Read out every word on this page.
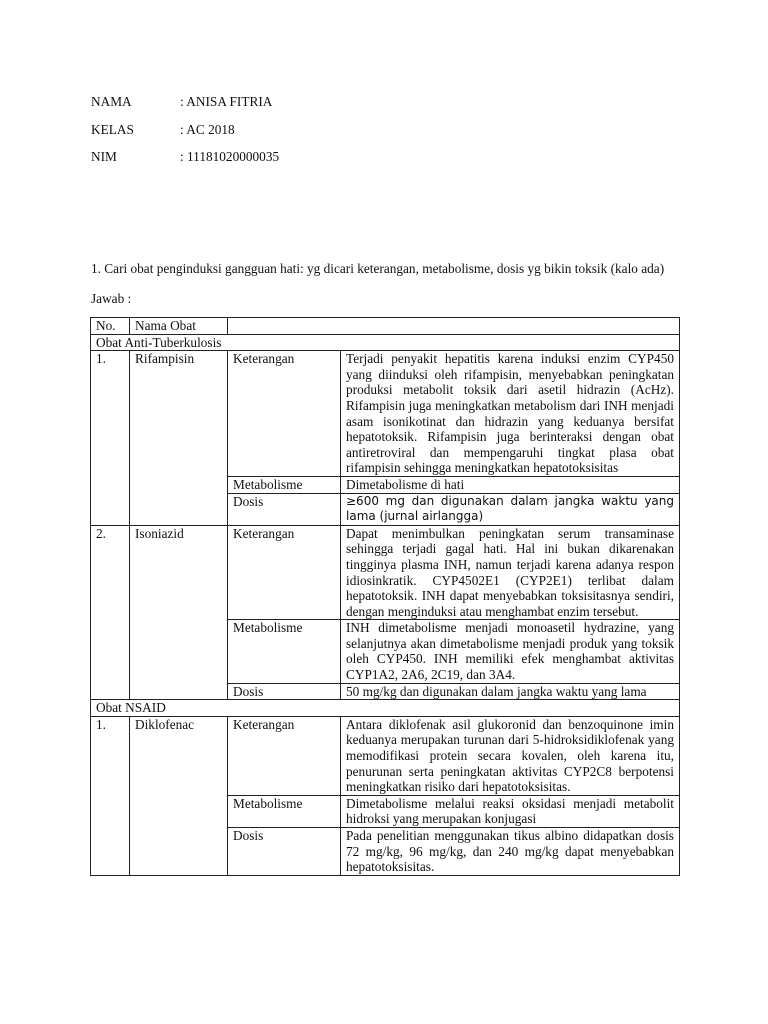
NAMA	: ANISA FITRIA
KELAS	: AC 2018
NIM	: 11181020000035
1. Cari obat penginduksi gangguan hati: yg dicari keterangan, metabolisme, dosis yg bikin toksik (kalo ada)
Jawab :
No.	Nama Obat		
Obat Anti-Tuberkulosis			
1.	Rifampisin	Keterangan	Terjadi penyakit hepatitis karena induksi enzim CYP450 yang diinduksi oleh rifampisin, menyebabkan peningkatan produksi metabolit toksik dari asetil hidrazin (AcHz). Rifampisin juga meningkatkan metabolism dari INH menjadi asam isonikotinat dan hidrazin yang keduanya bersifat hepatotoksik. Rifampisin juga berinteraksi dengan obat antiretroviral dan mempengaruhi tingkat plasa obat rifampisin sehingga meningkatkan hepatotoksisitas
		Metabolisme	Dimetabolisme di hati
		Dosis	≥600 mg dan digunakan dalam jangka waktu yang lama (jurnal airlangga)
2.	Isoniazid	Keterangan	Dapat menimbulkan peningkatan serum transaminase sehingga terjadi gagal hati. Hal ini bukan dikarenakan tingginya plasma INH, namun terjadi karena adanya respon idiosinkratik. CYP4502E1 (CYP2E1) terlibat dalam hepatotoksik. INH dapat menyebabkan toksisitasnya sendiri, dengan menginduksi atau menghambat enzim tersebut.
		Metabolisme	INH dimetabolisme menjadi monoasetil hydrazine, yang selanjutnya akan dimetabolisme menjadi produk yang toksik oleh CYP450. INH memiliki efek menghambat aktivitas CYP1A2, 2A6, 2C19, dan 3A4.
		Dosis	50 mg/kg dan digunakan dalam jangka waktu yang lama
Obat NSAID			
1.	Diklofenac	Keterangan	Antara diklofenak asil glukoronid dan benzoquinone imin keduanya merupakan turunan dari 5-hidroksidiklofenak yang memodifikasi protein secara kovalen, oleh karena itu, penurunan serta peningkatan aktivitas CYP2C8 berpotensi meningkatkan risiko dari hepatotoksisitas.
		Metabolisme	Dimetabolisme melalui reaksi oksidasi menjadi metabolit hidroksi yang merupakan konjugasi
		Dosis	Pada penelitian menggunakan tikus albino didapatkan dosis 72 mg/kg, 96 mg/kg, dan 240 mg/kg dapat menyebabkan hepatotoksisitas.
